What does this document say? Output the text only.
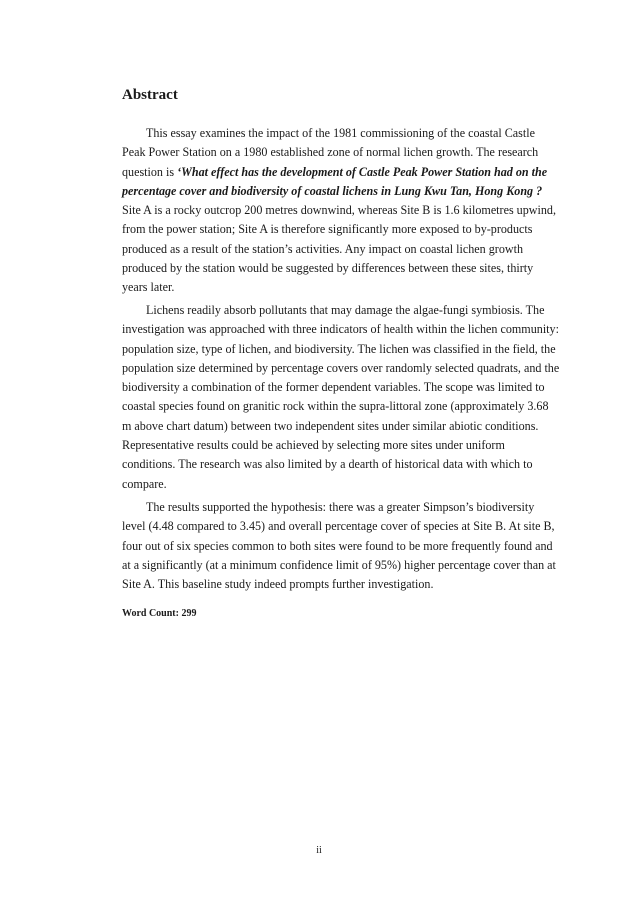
Abstract

This essay examines the impact of the 1981 commissioning of the coastal Castle Peak Power Station on a 1980 established zone of normal lichen growth. The research question is ‘What effect has the development of Castle Peak Power Station had on the percentage cover and biodiversity of coastal lichens in Lung Kwu Tan, Hong Kong ? Site A is a rocky outcrop 200 metres downwind, whereas Site B is 1.6 kilometres upwind, from the power station; Site A is therefore significantly more exposed to by-products produced as a result of the station’s activities. Any impact on coastal lichen growth produced by the station would be suggested by differences between these sites, thirty years later.

Lichens readily absorb pollutants that may damage the algae-fungi symbiosis. The investigation was approached with three indicators of health within the lichen community: population size, type of lichen, and biodiversity. The lichen was classified in the field, the population size determined by percentage covers over randomly selected quadrats, and the biodiversity a combination of the former dependent variables. The scope was limited to coastal species found on granitic rock within the supra-littoral zone (approximately 3.68 m above chart datum) between two independent sites under similar abiotic conditions. Representative results could be achieved by selecting more sites under uniform conditions. The research was also limited by a dearth of historical data with which to compare.

The results supported the hypothesis: there was a greater Simpson’s biodiversity level (4.48 compared to 3.45) and overall percentage cover of species at Site B. At site B, four out of six species common to both sites were found to be more frequently found and at a significantly (at a minimum confidence limit of 95%) higher percentage cover than at Site A. This baseline study indeed prompts further investigation.

Word Count: 299

ii
